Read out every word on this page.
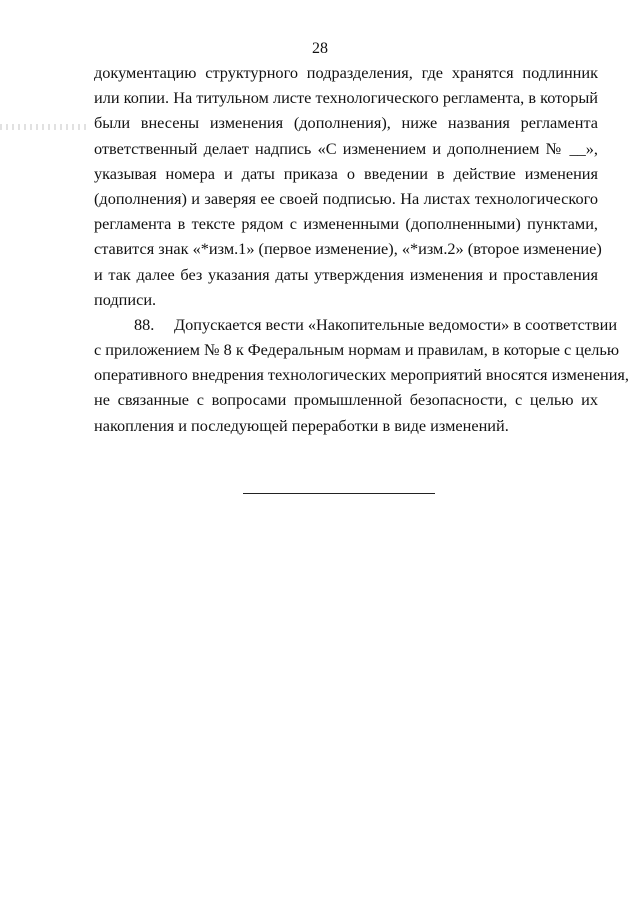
28
документацию структурного подразделения, где хранятся подлинник
или копии. На титульном листе технологического регламента, в который
были внесены изменения (дополнения), ниже названия регламента
ответственный делает надпись «С изменением и дополнением № __»,
указывая номера и даты приказа о введении в действие изменения
(дополнения) и заверяя ее своей подписью. На листах технологического
регламента в тексте рядом с измененными (дополненными) пунктами,
ставится знак «*изм.1» (первое изменение), «*изм.2» (второе изменение)
и так далее без указания даты утверждения изменения и проставления
подписи.
88. Допускается вести «Накопительные ведомости» в соответствии
с приложением № 8 к Федеральным нормам и правилам, в которые с целью
оперативного внедрения технологических мероприятий вносятся изменения,
не связанные с вопросами промышленной безопасности, с целью их
накопления и последующей переработки в виде изменений.
